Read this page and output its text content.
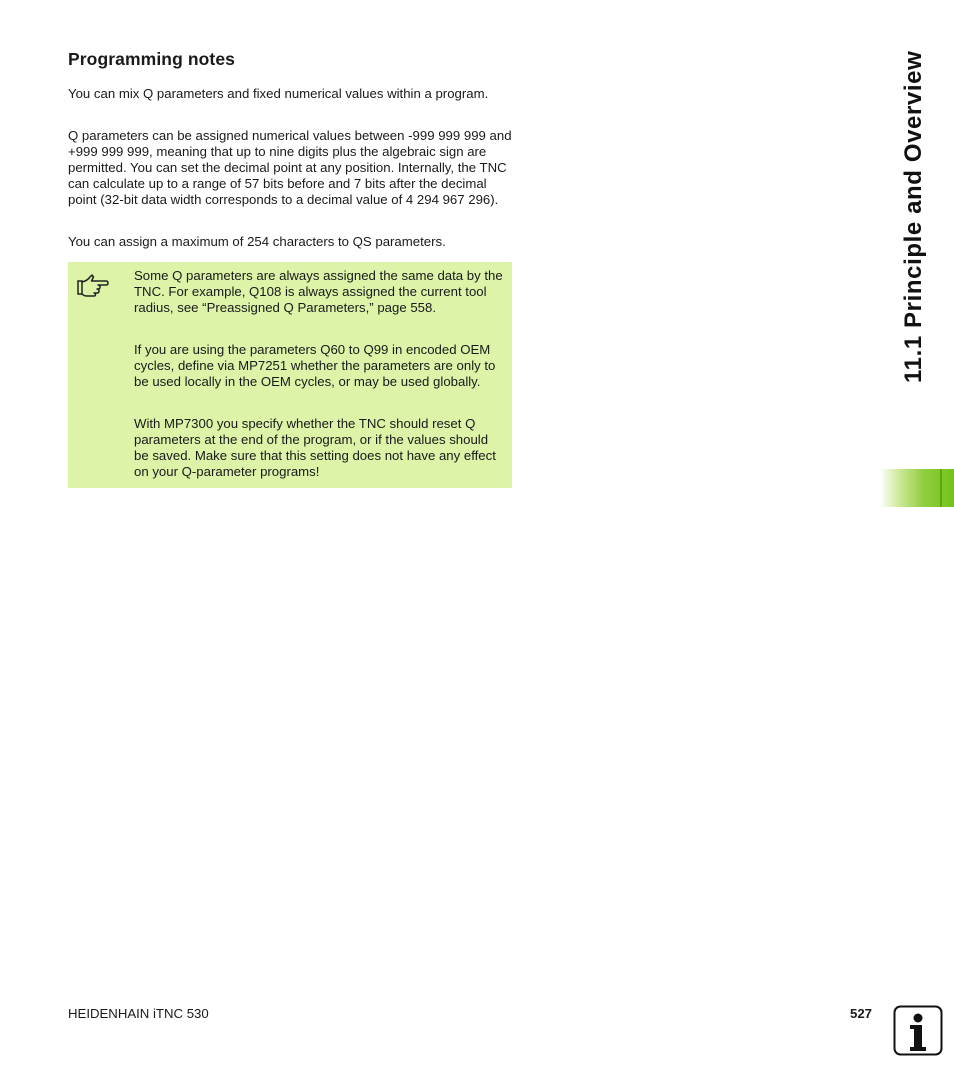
Programming notes

You can mix Q parameters and fixed numerical values within a program.

Q parameters can be assigned numerical values between -999 999 999 and +999 999 999, meaning that up to nine digits plus the algebraic sign are permitted. You can set the decimal point at any position. Internally, the TNC can calculate up to a range of 57 bits before and 7 bits after the decimal point (32-bit data width corresponds to a decimal value of 4 294 967 296).

You can assign a maximum of 254 characters to QS parameters.

Some Q parameters are always assigned the same data by the TNC. For example, Q108 is always assigned the current tool radius, see “Preassigned Q Parameters,” page 558.

If you are using the parameters Q60 to Q99 in encoded OEM cycles, define via MP7251 whether the parameters are only to be used locally in the OEM cycles, or may be used globally.

With MP7300 you specify whether the TNC should reset Q parameters at the end of the program, or if the values should be saved. Make sure that this setting does not have any effect on your Q-parameter programs!

11.1 Principle and Overview

HEIDENHAIN iTNC 530	527
